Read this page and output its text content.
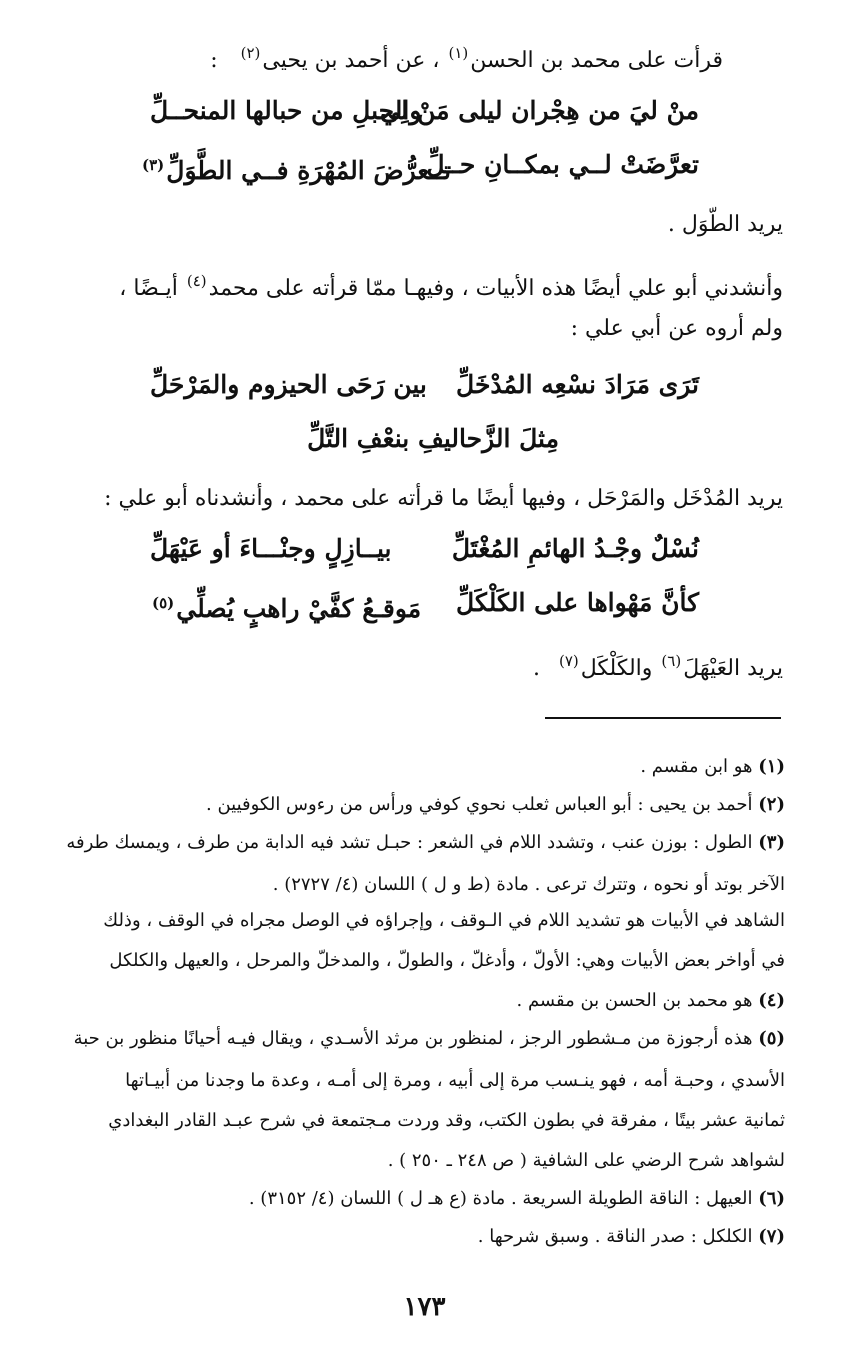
قرأت على محمد بن الحسن$^{(١)}$ ، عن أحمد بن يحيى$^{(٢)}$ :
منْ ليَ من هِجْران ليلى مَنْ لِي
والحبلِ من حبالها المنحــلِّ
تعرَّضَتْ لــي بمكــانِ حــلِّ
تــعرُّضَ المُهْرَةِ فــي الطَّوَلِّ$^{(٣)}$
يريد الطّوَل .
وأنشدني أبو علي أيضًا هذه الأبيات ، وفيهـا ممّا قرأته على محمد$^{(٤)}$ أيـضًا ،
ولم أروه عن أبي علي :
تَرَى مَرَادَ نسْعِه المُدْخَلِّ
بين رَحَى الحيزوم والمَرْحَلِّ
مِثلَ الزَّحاليفِ بنعْفِ التَّلِّ
يريد المُدْخَل والمَرْحَل ، وفيها أيضًا ما قرأته على محمد ، وأنشدناه أبو علي :
نُسْلٌ وجْـدُ الهائمِ المُغْتَلِّ
بيــازِلٍ وجنْـــاءَ أو عَيْهَلِّ
كأنَّ مَهْواها على الكَلْكَلِّ
مَوقـعُ كفَّيْ راهبٍ يُصلِّي$^{(٥)}$
يريد العَيْهَلَ$^{(٦)}$ والكَلْكَل$^{(٧)}$ .
(١) هو ابن مقسم .
(٢) أحمد بن يحيى : أبو العباس ثعلب نحوي كوفي ورأس من رءوس الكوفيين .
(٣) الطول : بوزن عنب ، وتشدد اللام في الشعر : حبـل تشد فيه الدابة من طرف ، ويمسك طرفه
الآخر بوتد أو نحوه ، وتترك ترعى . مادة (ط و ل ) اللسان (٤/ ٢٧٢٧) .
الشاهد في الأبيات هو تشديد اللام في الـوقف ، وإجراؤه في الوصل مجراه في الوقف ، وذلك
في أواخر بعض الأبيات وهي: الأولّ ، وأدغلّ ، والطولّ ، والمدخلّ والمرحل ، والعيهل والكلكل
(٤) هو محمد بن الحسن بن مقسم .
(٥) هذه أرجوزة من مـشطور الرجز ، لمنظور بن مرثد الأسـدي ، ويقال فيـه أحيانًا منظور بن حبة
الأسدي ، وحبـة أمه ، فهو ينـسب مرة إلى أبيه ، ومرة إلى أمـه ، وعدة ما وجدنا من أبيـاتها
ثمانية عشر بيتًا ، مفرقة في بطون الكتب، وقد وردت مـجتمعة في شرح عبـد القادر البغدادي
لشواهد شرح الرضي على الشافية ( ص ٢٤٨ ـ ٢٥٠ ) .
(٦) العيهل : الناقة الطويلة السريعة . مادة (ع هـ ل ) اللسان (٤/ ٣١٥٢) .
(٧) الكلكل : صدر الناقة . وسبق شرحها .
١٧٣
